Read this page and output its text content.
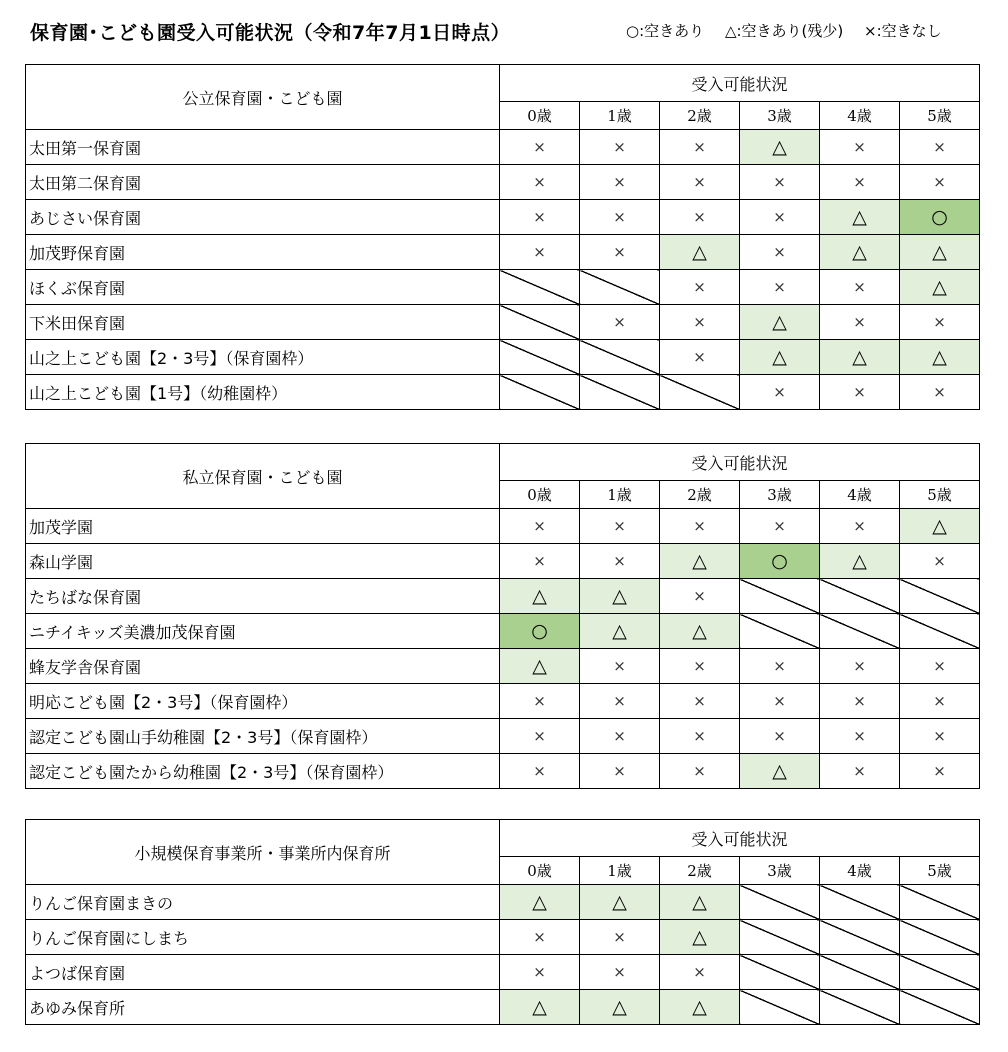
保育園･こども園受入可能状況（令和7年7月1日時点）	○:空きあり △:空きあり(残少) ×:空きなし
公立保育園・こども園	受入可能状況					
	0歳	1歳	2歳	3歳	4歳	5歳
太田第一保育園	×	×	×	△	×	×
太田第二保育園	×	×	×	×	×	×
あじさい保育園	×	×	×	×	△	○
加茂野保育園	×	×	△	×	△	△
ほくぶ保育園			×	×	×	△
下米田保育園		×	×	△	×	×
山之上こども園【2・3号】（保育園枠）			×	△	△	△
山之上こども園【1号】（幼稚園枠）				×	×	×
私立保育園・こども園	受入可能状況					
	0歳	1歳	2歳	3歳	4歳	5歳
加茂学園	×	×	×	×	×	△
森山学園	×	×	△	○	△	×
たちばな保育園	△	△	×			
ニチイキッズ美濃加茂保育園	○	△	△			
蜂友学舎保育園	△	×	×	×	×	×
明応こども園【2・3号】（保育園枠）	×	×	×	×	×	×
認定こども園山手幼稚園【2・3号】（保育園枠）	×	×	×	×	×	×
認定こども園たから幼稚園【2・3号】（保育園枠）	×	×	×	△	×	×
小規模保育事業所・事業所内保育所	受入可能状況					
	0歳	1歳	2歳	3歳	4歳	5歳
りんご保育園まきの	△	△	△			
りんご保育園にしまち	×	×	△			
よつば保育園	×	×	×			
あゆみ保育所	△	△	△			
